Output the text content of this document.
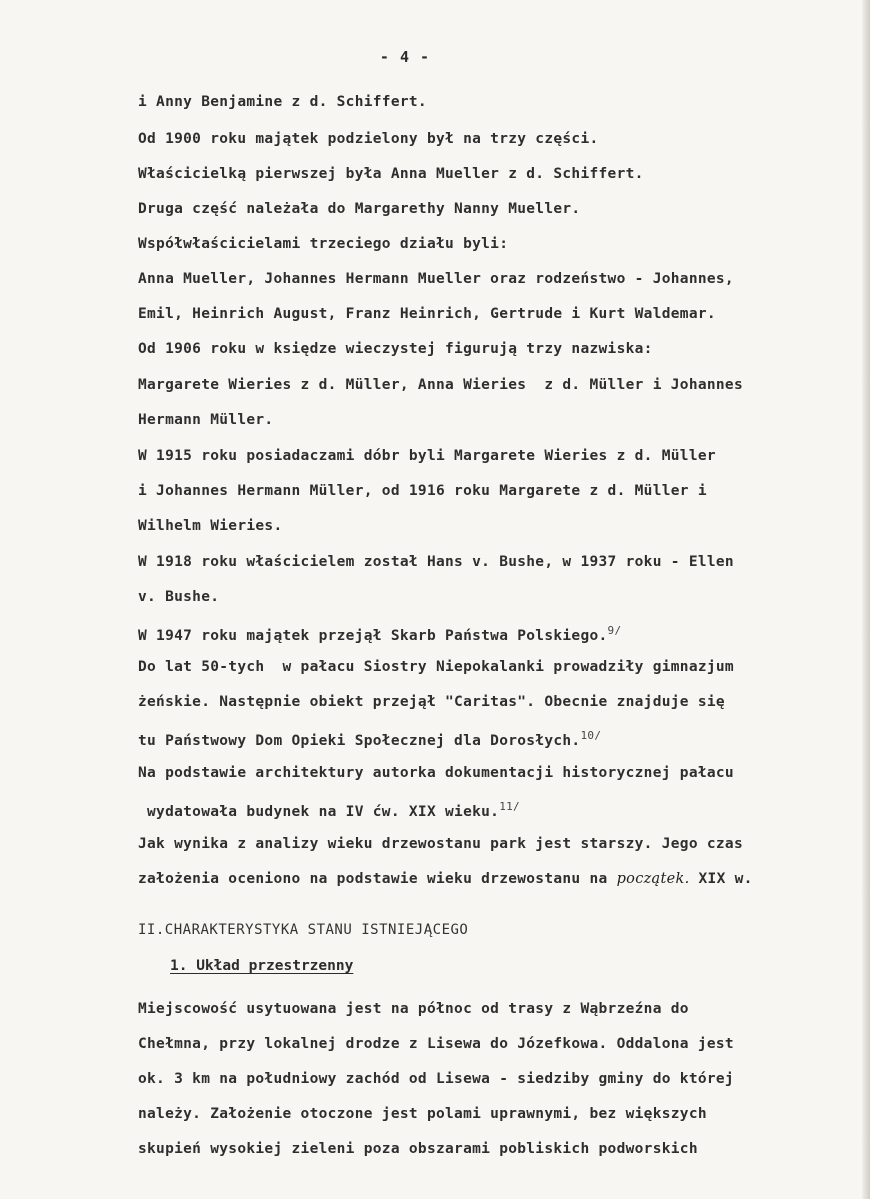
- 4 -
i Anny Benjamine z d. Schiffert.
Od 1900 roku majątek podzielony był na trzy części.
Właścicielką pierwszej była Anna Mueller z d. Schiffert.
Druga część należała do Margarethy Nanny Mueller.
Współwłaścicielami trzeciego działu byli:
Anna Mueller, Johannes Hermann Mueller oraz rodzeństwo - Johannes,
Emil, Heinrich August, Franz Heinrich, Gertrude i Kurt Waldemar.
Od 1906 roku w księdze wieczystej figurują trzy nazwiska:
Margarete Wieries z d. Müller, Anna Wieries  z d. Müller i Johannes
Hermann Müller.
W 1915 roku posiadaczami dóbr byli Margarete Wieries z d. Müller
i Johannes Hermann Müller, od 1916 roku Margarete z d. Müller i
Wilhelm Wieries.
W 1918 roku właścicielem został Hans v. Bushe, w 1937 roku - Ellen
v. Bushe.
W 1947 roku majątek przejął Skarb Państwa Polskiego.$^{9/}$
Do lat 50-tych  w pałacu Siostry Niepokalanki prowadziły gimnazjum
żeńskie. Następnie obiekt przejął "Caritas". Obecnie znajduje się
tu Państwowy Dom Opieki Społecznej dla Dorosłych.$^{10/}$
Na podstawie architektury autorka dokumentacji historycznej pałacu
wydatowała budynek na IV ćw. XIX wieku.$^{11/}$
Jak wynika z analizy wieku drzewostanu park jest starszy. Jego czas
założenia oceniono na podstawie wieku drzewostanu na początek. XIX w.
II.CHARAKTERYSTYKA STANU ISTNIEJĄCEGO
1. Układ przestrzenny
Miejscowość usytuowana jest na północ od trasy z Wąbrzeźna do
Chełmna, przy lokalnej drodze z Lisewa do Józefkowa. Oddalona jest
ok. 3 km na południowy zachód od Lisewa - siedziby gminy do której
należy. Założenie otoczone jest polami uprawnymi, bez większych
skupień wysokiej zieleni poza obszarami pobliskich podworskich
